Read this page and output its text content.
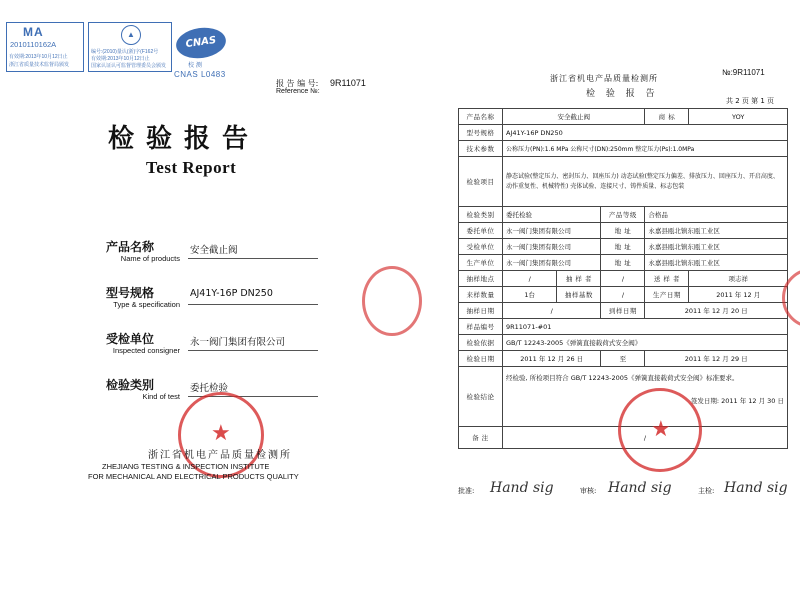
MA
2010110162A
有效期:2013年10月12日止
浙江省质量技术监督局颁发
▲
编号:(2010)量认(浙)字(F162号
有效期:2013年10月12日止
国家认证认可监督管理委员会颁发
CNAS
校 测
CNAS L0483
报 告 编 号: 9R11071
Reference №:
检验报告
Test Report
产品名称
Name of products
安全截止阀
型号规格
Type & specification
AJ41Y-16P DN250
受检单位
Inspected consigner
永一阀门集团有限公司
检验类别
Kind of test
委托检验
★
浙江省机电产品质量检测所
ZHEJIANG TESTING & INSPECTION INSTITUTE
FOR MECHANICAL AND ELECTRICAL PRODUCTS QUALITY
浙江省机电产品质量检测所
№:9R11071
检 验 报 告
共 2 页 第 1 页
产品名称	安全截止阀			商 标	YOY
型号规格	AJ41Y-16P DN250				
技术参数	公称压力(PN):1.6 MPa 公称尺寸(DN):250mm 整定压力(Ps):1.0MPa				
检验项目	静态试验(整定压力、密封压力、回座压力) 动态试验(整定压力偏差、排放压力、回座压力、开启高度、动作重复性、机械特性) 壳体试验、连接尺寸、铸件质量、标志包装				
检验类别	委托检验		产品等级	合格品	
委托单位	永一阀门集团有限公司		地 址	永嘉县瓯北镇东瓯工业区	
受检单位	永一阀门集团有限公司		地 址	永嘉县瓯北镇东瓯工业区	
生产单位	永一阀门集团有限公司		地 址	永嘉县瓯北镇东瓯工业区	
抽样地点	/	抽 样 者	/	送 样 者	项志祥
来样数量	1台	抽样基数	/	生产日期	2011 年 12 月
抽样日期	/		到样日期	2011 年 12 月 20 日	
样品编号	9R11071-#01				
检验依据	GB/T 12243-2005《弹簧直接载荷式安全阀》				
检验日期	2011 年 12 月 26 日		至	2011 年 12 月 29 日	
检验结论	经检验, 所检项目符合 GB/T 12243-2005《弹簧直接载荷式安全阀》标准要求。
签发日期: 2011 年 12 月 30 日				

备 注	/				★
批准: Hand sig	审核: Hand sig	主检: Hand sig
